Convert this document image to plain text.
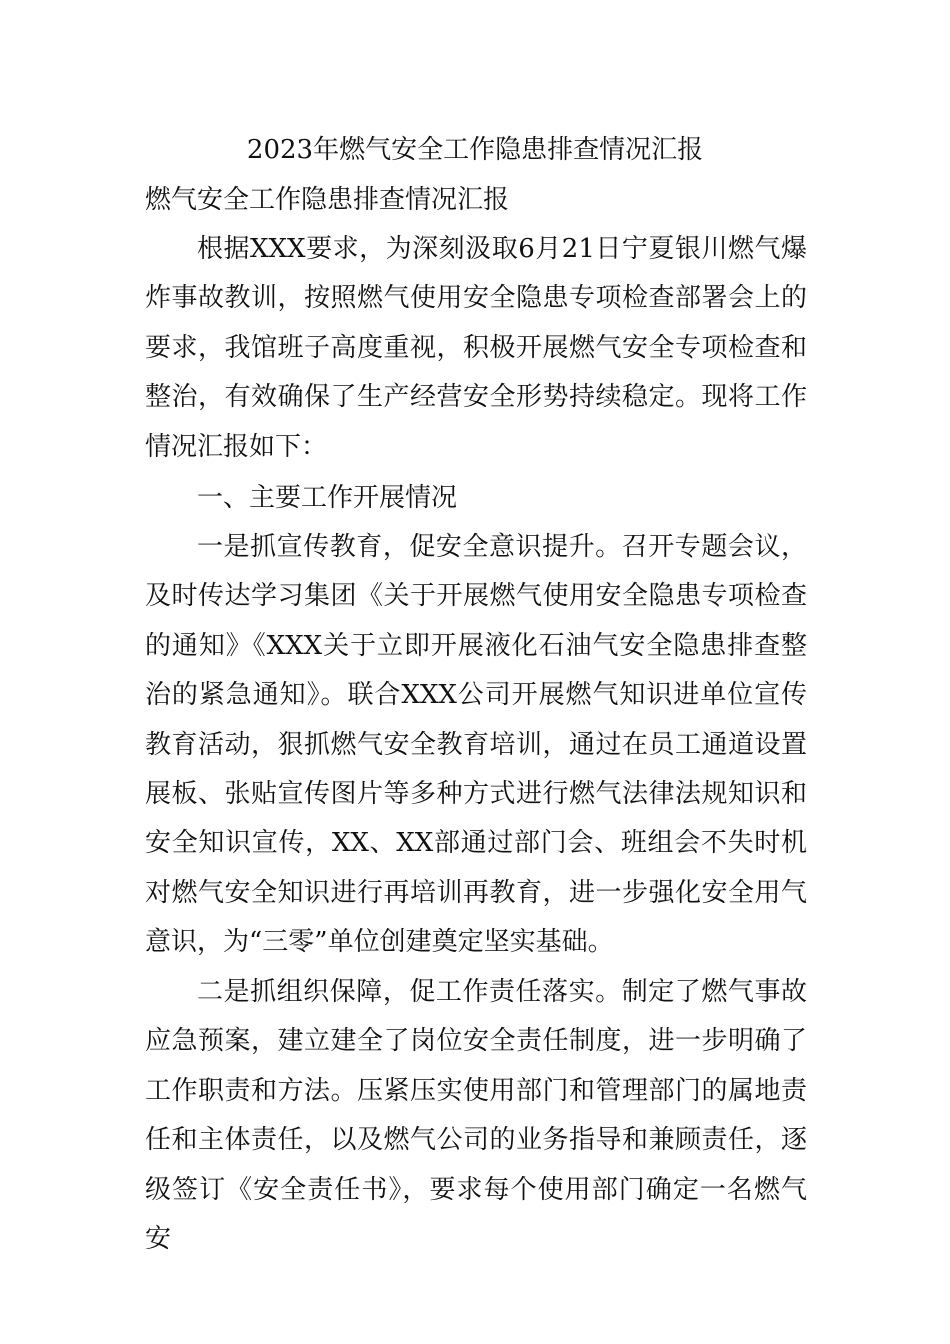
2023年燃气安全工作隐患排查情况汇报
燃气安全工作隐患排查情况汇报

根据XXX要求，为深刻汲取6月21日宁夏银川燃气爆炸事故教训，按照燃气使用安全隐患专项检查部署会上的要求，我馆班子高度重视，积极开展燃气安全专项检查和整治，有效确保了生产经营安全形势持续稳定。现将工作情况汇报如下：

一、主要工作开展情况

一是抓宣传教育，促安全意识提升。召开专题会议，及时传达学习集团《关于开展燃气使用安全隐患专项检查的通知》《XXX关于立即开展液化石油气安全隐患排查整治的紧急通知》。联合XXX公司开展燃气知识进单位宣传教育活动，狠抓燃气安全教育培训，通过在员工通道设置展板、张贴宣传图片等多种方式进行燃气法律法规知识和安全知识宣传，XX、XX部通过部门会、班组会不失时机对燃气安全知识进行再培训再教育，进一步强化安全用气意识，为“三零”单位创建奠定坚实基础。

二是抓组织保障，促工作责任落实。制定了燃气事故应急预案，建立建全了岗位安全责任制度，进一步明确了工作职责和方法。压紧压实使用部门和管理部门的属地责任和主体责任，以及燃气公司的业务指导和兼顾责任，逐级签订《安全责任书》，要求每个使用部门确定一名燃气安
